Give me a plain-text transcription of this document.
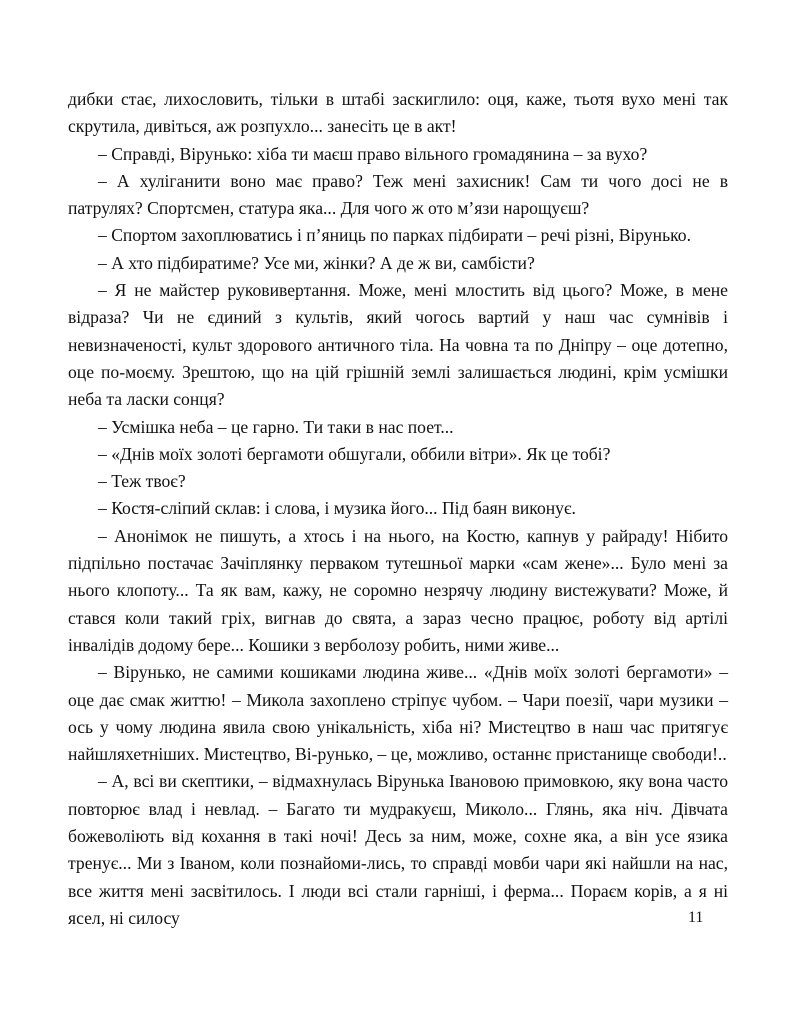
дибки стає, лихословить, тільки в штабі заскиглило: оця, каже, тьотя вухо мені так скрутила, дивіться, аж розпухло... занесіть це в акт!

– Справді, Вірунько: хіба ти маєш право вільного громадянина – за вухо?

– А хуліганити воно має право? Теж мені захисник! Сам ти чого досі не в патрулях? Спортсмен, статура яка... Для чого ж ото м’язи нарощуєш?

– Спортом захоплюватись і п’яниць по парках підбирати – речі різні, Вірунько.

– А хто підбиратиме? Усе ми, жінки? А де ж ви, самбісти?

– Я не майстер руковивертання. Може, мені млостить від цього? Може, в мене відраза? Чи не єдиний з культів, який чогось вартий у наш час сумнівів і невизначеності, культ здорового античного тіла. На човна та по Дніпру – оце дотепно, оце по-моєму. Зрештою, що на цій грішній землі залишається людині, крім усмішки неба та ласки сонця?

– Усмішка неба – це гарно. Ти таки в нас поет...

– «Днів моїх золоті бергамоти обшугали, оббили вітри». Як це тобі?

– Теж твоє?

– Костя-сліпий склав: і слова, і музика його... Під баян виконує.

– Анонімок не пишуть, а хтось і на нього, на Костю, капнув у райраду! Нібито підпільно постачає Зачіплянку перваком тутешньої марки «сам жене»... Було мені за нього клопоту... Та як вам, кажу, не соромно незрячу людину вистежувати? Може, й стався коли такий гріх, вигнав до свята, а зараз чесно працює, роботу від артілі інвалідів додому бере... Кошики з верболозу робить, ними живе...

– Вірунько, не самими кошиками людина живе... «Днів моїх золоті бергамоти» – оце дає смак життю! – Микола захоплено стріпує чубом. – Чари поезії, чари музики – ось у чому людина явила свою унікальність, хіба ні? Мистецтво в наш час притягує найшляхетніших. Мистецтво, Ві-рунько, – це, можливо, останнє пристанище свободи!..

– А, всі ви скептики, – відмахнулась Вірунька Івановою примовкою, яку вона часто повторює влад і невлад. – Багато ти мудракуєш, Миколо... Глянь, яка ніч. Дівчата божеволіють від кохання в такі ночі! Десь за ним, може, сохне яка, а він усе язика тренує... Ми з Іваном, коли познайоми-лись, то справді мовби чари які найшли на нас, все життя мені засвітилось. І люди всі стали гарніші, і ферма... Пораєм корів, а я ні ясел, ні силосу	11
